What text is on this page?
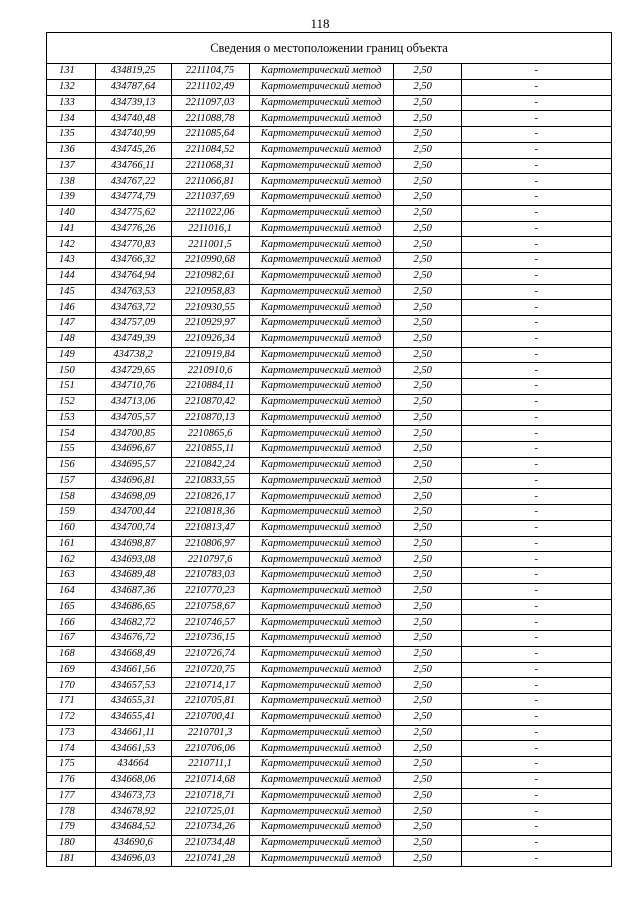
118
Сведения о местоположении границ объекта
131	434819,25	2211104,75	Картометрический метод	2,50	-
132	434787,64	2211102,49	Картометрический метод	2,50	-
133	434739,13	2211097,03	Картометрический метод	2,50	-
134	434740,48	2211088,78	Картометрический метод	2,50	-
135	434740,99	2211085,64	Картометрический метод	2,50	-
136	434745,26	2211084,52	Картометрический метод	2,50	-
137	434766,11	2211068,31	Картометрический метод	2,50	-
138	434767,22	2211066,81	Картометрический метод	2,50	-
139	434774,79	2211037,69	Картометрический метод	2,50	-
140	434775,62	2211022,06	Картометрический метод	2,50	-
141	434776,26	2211016,1	Картометрический метод	2,50	-
142	434770,83	2211001,5	Картометрический метод	2,50	-
143	434766,32	2210990,68	Картометрический метод	2,50	-
144	434764,94	2210982,61	Картометрический метод	2,50	-
145	434763,53	2210958,83	Картометрический метод	2,50	-
146	434763,72	2210930,55	Картометрический метод	2,50	-
147	434757,09	2210929,97	Картометрический метод	2,50	-
148	434749,39	2210926,34	Картометрический метод	2,50	-
149	434738,2	2210919,84	Картометрический метод	2,50	-
150	434729,65	2210910,6	Картометрический метод	2,50	-
151	434710,76	2210884,11	Картометрический метод	2,50	-
152	434713,06	2210870,42	Картометрический метод	2,50	-
153	434705,57	2210870,13	Картометрический метод	2,50	-
154	434700,85	2210865,6	Картометрический метод	2,50	-
155	434696,67	2210855,11	Картометрический метод	2,50	-
156	434695,57	2210842,24	Картометрический метод	2,50	-
157	434696,81	2210833,55	Картометрический метод	2,50	-
158	434698,09	2210826,17	Картометрический метод	2,50	-
159	434700,44	2210818,36	Картометрический метод	2,50	-
160	434700,74	2210813,47	Картометрический метод	2,50	-
161	434698,87	2210806,97	Картометрический метод	2,50	-
162	434693,08	2210797,6	Картометрический метод	2,50	-
163	434689,48	2210783,03	Картометрический метод	2,50	-
164	434687,36	2210770,23	Картометрический метод	2,50	-
165	434686,65	2210758,67	Картометрический метод	2,50	-
166	434682,72	2210746,57	Картометрический метод	2,50	-
167	434676,72	2210736,15	Картометрический метод	2,50	-
168	434668,49	2210726,74	Картометрический метод	2,50	-
169	434661,56	2210720,75	Картометрический метод	2,50	-
170	434657,53	2210714,17	Картометрический метод	2,50	-
171	434655,31	2210705,81	Картометрический метод	2,50	-
172	434655,41	2210700,41	Картометрический метод	2,50	-
173	434661,11	2210701,3	Картометрический метод	2,50	-
174	434661,53	2210706,06	Картометрический метод	2,50	-
175	434664	2210711,1	Картометрический метод	2,50	-
176	434668,06	2210714,68	Картометрический метод	2,50	-
177	434673,73	2210718,71	Картометрический метод	2,50	-
178	434678,92	2210725,01	Картометрический метод	2,50	-
179	434684,52	2210734,26	Картометрический метод	2,50	-
180	434690,6	2210734,48	Картометрический метод	2,50	-
181	434696,03	2210741,28	Картометрический метод	2,50	-
